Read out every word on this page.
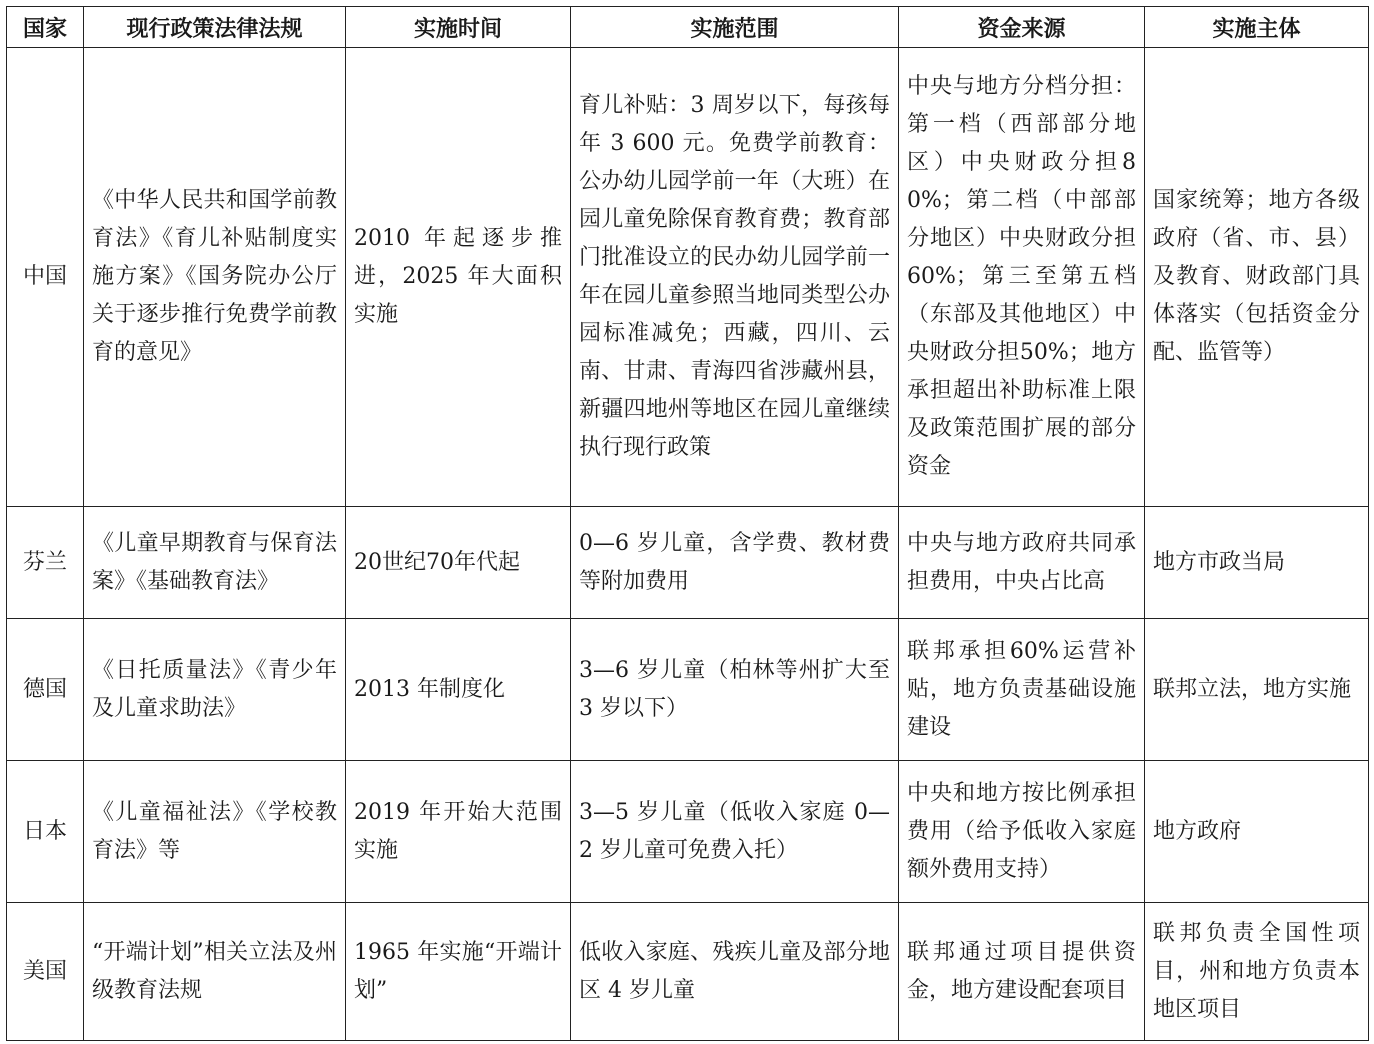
国家	现行政策法律法规	实施时间	实施范围	资金来源	实施主体
中国	《中华人民共和国学前教育法》《育儿补贴制度实施方案》《国务院办公厅关于逐步推行免费学前教育的意见》	2010 年起逐步推进，2025 年大面积实施	育儿补贴：3 周岁以下，每孩每年 3 600 元。免费学前教育：公办幼儿园学前一年（大班）在园儿童免除保育教育费；教育部门批准设立的民办幼儿园学前一年在园儿童参照当地同类型公办园标准减免；西藏，四川、云南、甘肃、青海四省涉藏州县，新疆四地州等地区在园儿童继续执行现行政策	中央与地方分档分担：第一档（西部部分地区）中央财政分担80%；第二档（中部部分地区）中央财政分担60%；第三至第五档（东部及其他地区）中央财政分担50%；地方承担超出补助标准上限及政策范围扩展的部分资金	国家统筹；地方各级政府（省、市、县）及教育、财政部门具体落实（包括资金分配、监管等）
芬兰	《儿童早期教育与保育法案》《基础教育法》	20世纪70年代起	0—6 岁儿童，含学费、教材费等附加费用	中央与地方政府共同承担费用，中央占比高	地方市政当局
德国	《日托质量法》《青少年及儿童求助法》	2013 年制度化	3—6 岁儿童（柏林等州扩大至 3 岁以下）	联邦承担60%运营补贴，地方负责基础设施建设	联邦立法，地方实施
日本	《儿童福祉法》《学校教育法》等	2019 年开始大范围实施	3—5 岁儿童（低收入家庭 0—2 岁儿童可免费入托）	中央和地方按比例承担费用（给予低收入家庭额外费用支持）	地方政府
美国	“开端计划”相关立法及州级教育法规	1965 年实施“开端计划”	低收入家庭、残疾儿童及部分地区 4 岁儿童	联邦通过项目提供资金，地方建设配套项目	联邦负责全国性项目，州和地方负责本地区项目
